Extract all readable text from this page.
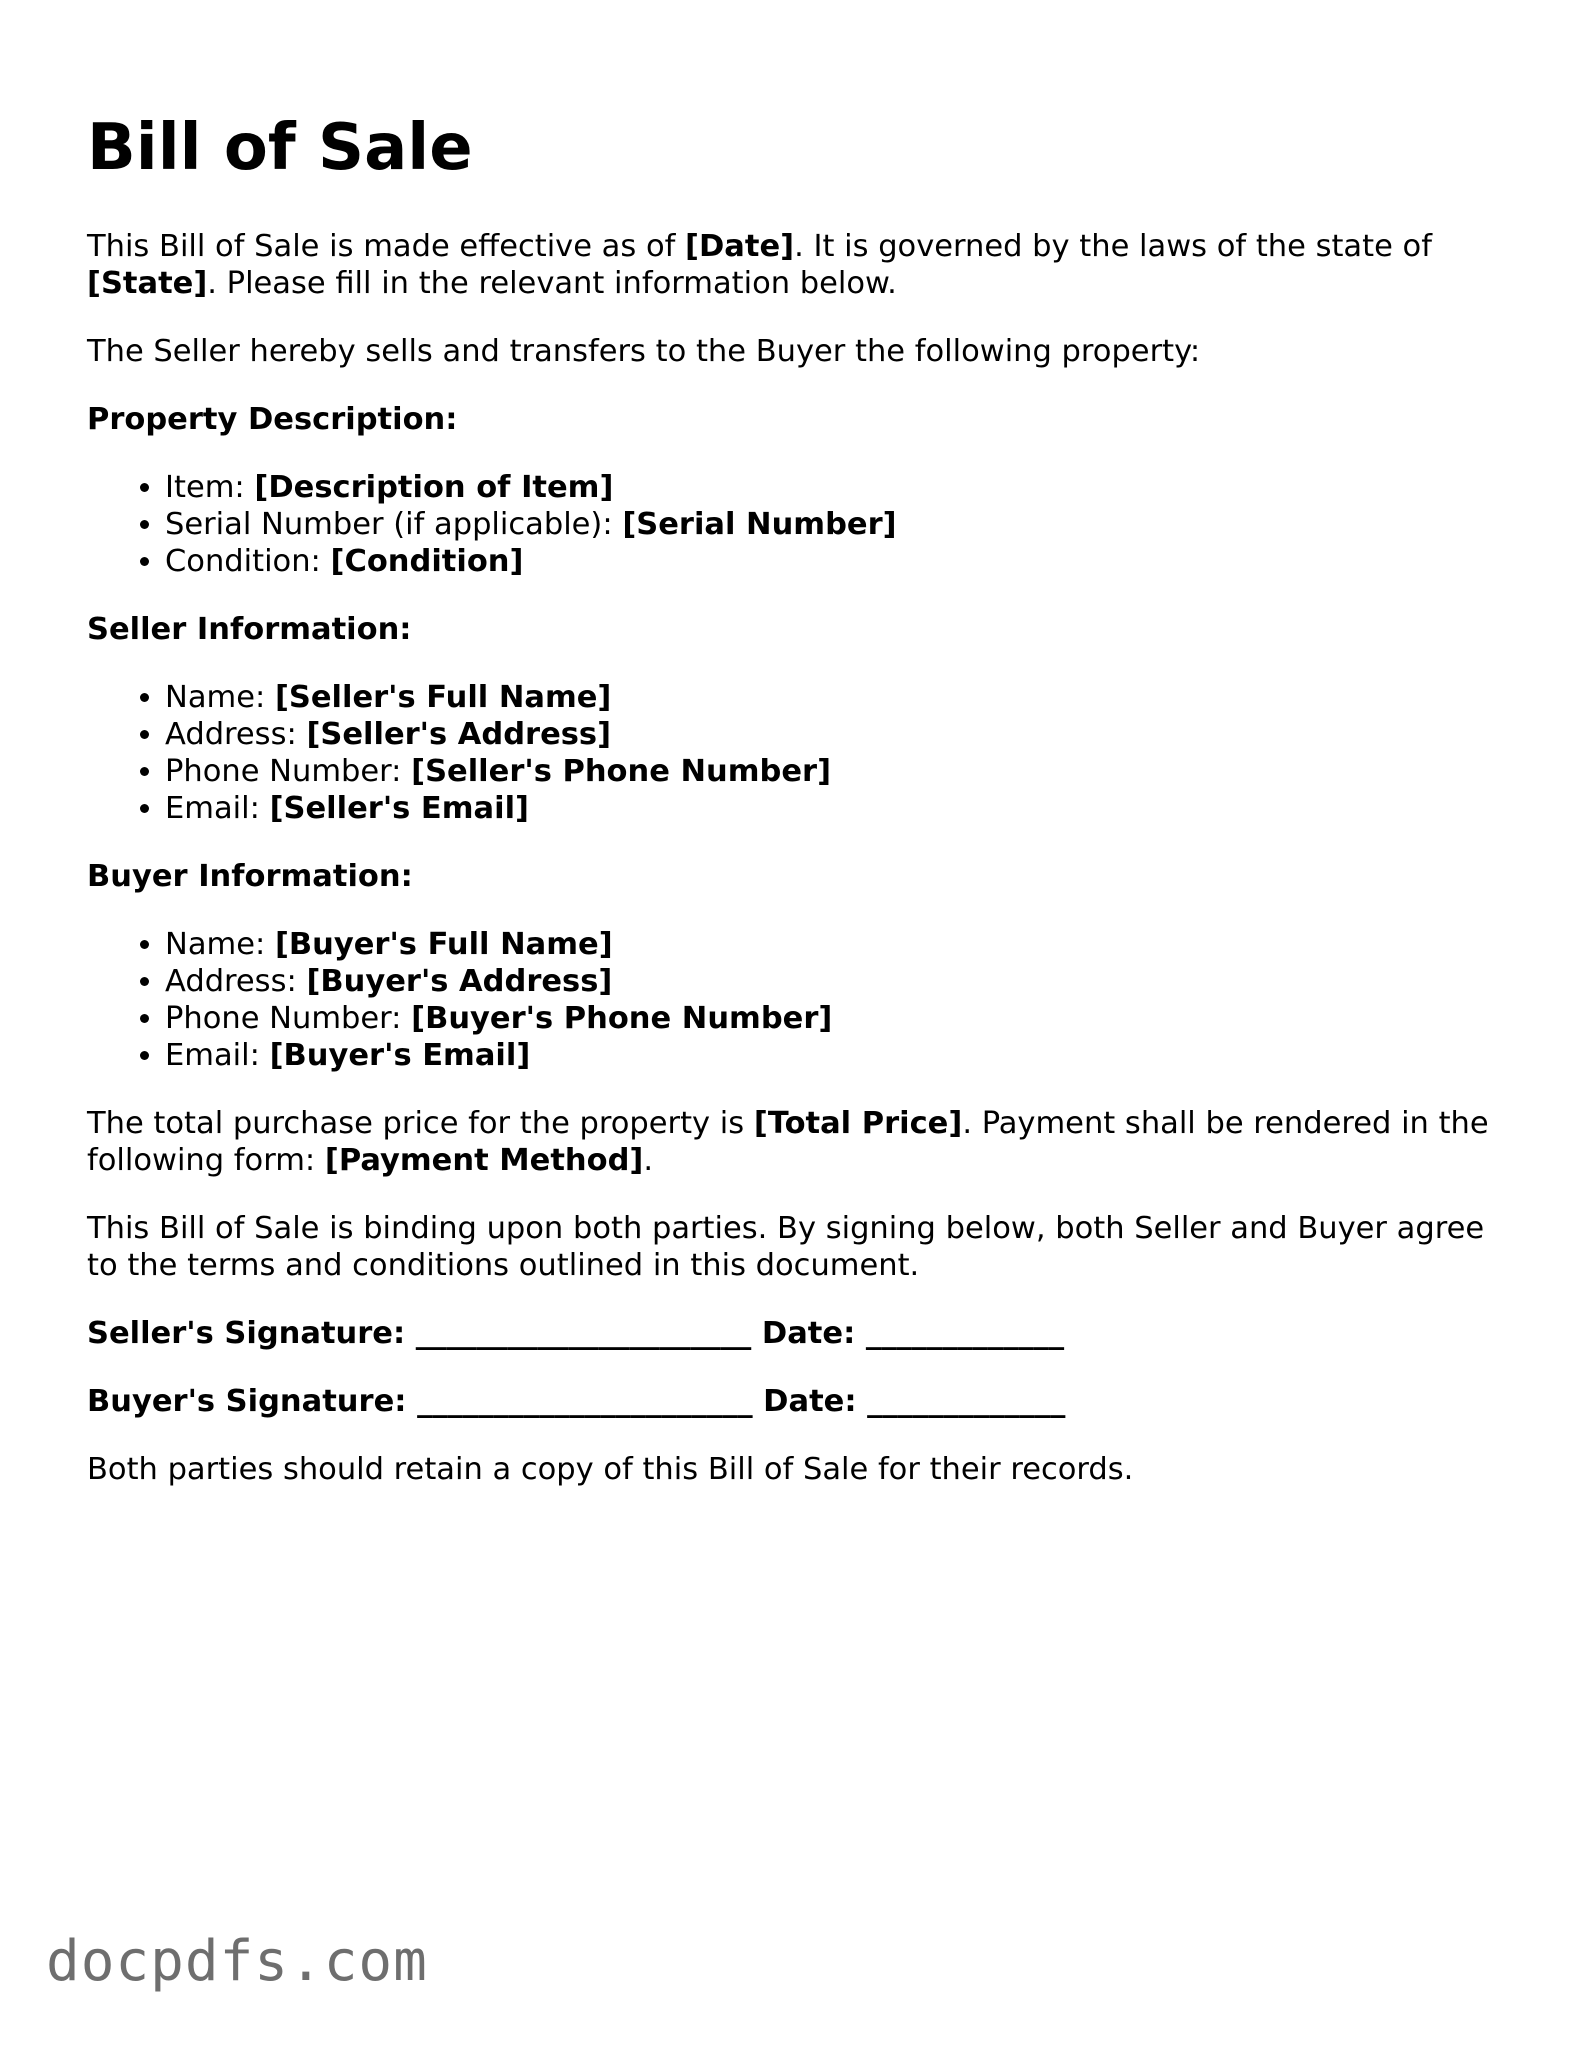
Bill of Sale

This Bill of Sale is made effective as of [Date]. It is governed by the laws of the state of [State]. Please fill in the relevant information below.

The Seller hereby sells and transfers to the Buyer the following property:

Property Description:
• Item: [Description of Item]
• Serial Number (if applicable): [Serial Number]
• Condition: [Condition]
Seller Information:
• Name: [Seller's Full Name]
• Address: [Seller's Address]
• Phone Number: [Seller's Phone Number]
• Email: [Seller's Email]
Buyer Information:
• Name: [Buyer's Full Name]
• Address: [Buyer's Address]
• Phone Number: [Buyer's Phone Number]
• Email: [Buyer's Email]

The total purchase price for the property is [Total Price]. Payment shall be rendered in the following form: [Payment Method].

This Bill of Sale is binding upon both parties. By signing below, both Seller and Buyer agree to the terms and conditions outlined in this document.

Seller's Signature: ______________________ Date: _____________
Buyer's Signature: ______________________ Date: _____________

Both parties should retain a copy of this Bill of Sale for their records.

docpdfs.com
